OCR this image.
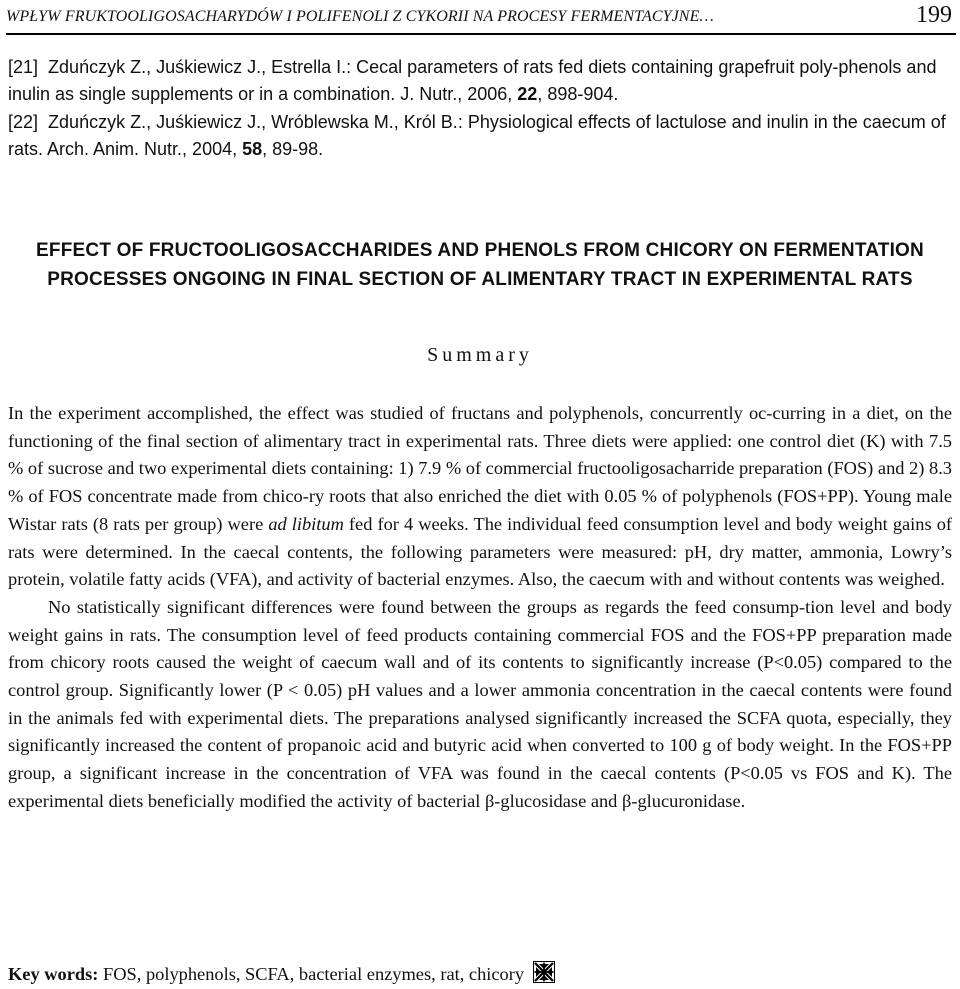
WPŁYW FRUKTOOLIGOSACHARYDÓW I POLIFENOLI Z CYKORII NA PROCESY FERMENTACYJNE…	199
[21] Zduńczyk Z., Juśkiewicz J., Estrella I.: Cecal parameters of rats fed diets containing grapefruit poly-phenols and inulin as single supplements or in a combination. J. Nutr., 2006, 22, 898-904.
[22] Zduńczyk Z., Juśkiewicz J., Wróblewska M., Król B.: Physiological effects of lactulose and inulin in the caecum of rats. Arch. Anim. Nutr., 2004, 58, 89-98.
EFFECT OF FRUCTOOLIGOSACCHARIDES AND PHENOLS FROM CHICORY ON FERMENTATION PROCESSES ONGOING IN FINAL SECTION OF ALIMENTARY TRACT IN EXPERIMENTAL RATS
Summary

In the experiment accomplished, the effect was studied of fructans and polyphenols, concurrently oc-curring in a diet, on the functioning of the final section of alimentary tract in experimental rats. Three diets were applied: one control diet (K) with 7.5 % of sucrose and two experimental diets containing: 1) 7.9 % of commercial fructooligosacharride preparation (FOS) and 2) 8.3 % of FOS concentrate made from chico-ry roots that also enriched the diet with 0.05 % of polyphenols (FOS+PP). Young male Wistar rats (8 rats per group) were ad libitum fed for 4 weeks. The individual feed consumption level and body weight gains of rats were determined. In the caecal contents, the following parameters were measured: pH, dry matter, ammonia, Lowry’s protein, volatile fatty acids (VFA), and activity of bacterial enzymes. Also, the caecum with and without contents was weighed.

No statistically significant differences were found between the groups as regards the feed consump-tion level and body weight gains in rats. The consumption level of feed products containing commercial FOS and the FOS+PP preparation made from chicory roots caused the weight of caecum wall and of its contents to significantly increase (P<0.05) compared to the control group. Significantly lower (P < 0.05) pH values and a lower ammonia concentration in the caecal contents were found in the animals fed with experimental diets. The preparations analysed significantly increased the SCFA quota, especially, they significantly increased the content of propanoic acid and butyric acid when converted to 100 g of body weight. In the FOS+PP group, a significant increase in the concentration of VFA was found in the caecal contents (P<0.05 vs FOS and K). The experimental diets beneficially modified the activity of bacterial β-glucosidase and β-glucuronidase.

Key words: FOS, polyphenols, SCFA, bacterial enzymes, rat, chicory
